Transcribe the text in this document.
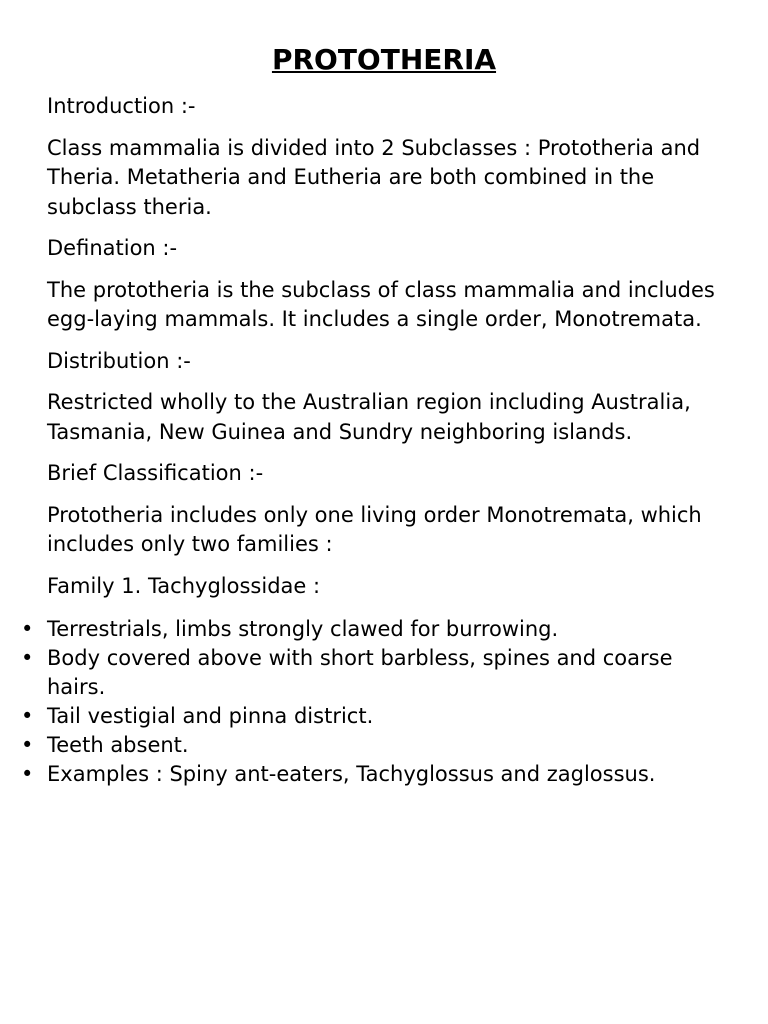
PROTOTHERIA

Introduction :-

Class mammalia is divided into 2 Subclasses : Prototheria and Theria. Metatheria and Eutheria are both combined in the subclass theria.

Defination :-

The prototheria is the subclass of class mammalia and includes egg-laying mammals. It includes a single order, Monotremata.

Distribution :-

Restricted wholly to the Australian region including Australia, Tasmania, New Guinea and Sundry neighboring islands.

Brief Classification :-

Prototheria includes only one living order Monotremata, which includes only two families :

Family 1. Tachyglossidae :

• Terrestrials, limbs strongly clawed for burrowing.
• Body covered above with short barbless, spines and coarse hairs.
• Tail vestigial and pinna district.
• Teeth absent.
• Examples : Spiny ant-eaters, Tachyglossus and zaglossus.
